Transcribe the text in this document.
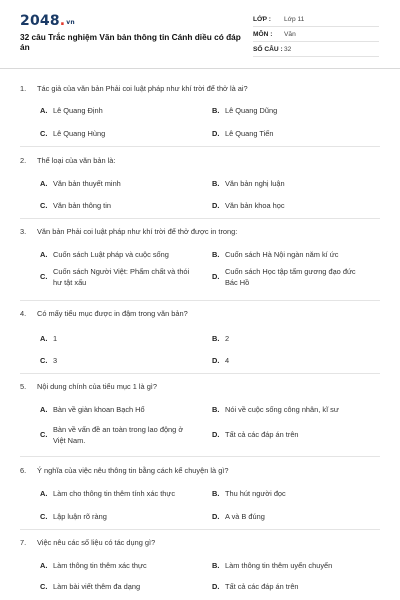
2048.vn
32 câu Trắc nghiệm Văn bản thông tin Cánh diều có đáp án
LỚP : Lớp 11
MÔN : Văn
SỐ CÂU : 32
1. Tác giả của văn bản Phải coi luật pháp như khí trời để thở là ai?
A. Lê Quang Định	B. Lê Quang Dũng
C. Lê Quang Hùng	D. Lê Quang Tiến
2. Thể loại của văn bản là:
A. Văn bản thuyết minh	B. Văn bản nghị luận
C. Văn bản thông tin	D. Văn bản khoa học
3. Văn bản Phải coi luật pháp như khí trời để thở được in trong:
A. Cuốn sách Luật pháp và cuộc sống	B. Cuốn sách Hà Nội ngàn năm kí ức
C.
Cuốn sách Người Việt: Phẩm chất và thói
hư tật xấu
D.
Cuốn sách Học tập tấm gương đạo đức
Bác Hồ
4. Có mấy tiểu mục được in đậm trong văn bản?
A. 1	B. 2
C. 3	D. 4
5. Nội dung chính của tiểu mục 1 là gì?
A. Bàn về giàn khoan Bạch Hổ	B. Nói về cuộc sống công nhân, kĩ sư
C.
Bàn về vấn đề an toàn trong lao động ở
Việt Nam.
D. Tất cả các đáp án trên
6. Ý nghĩa của việc nêu thông tin bằng cách kể chuyện là gì?
A. Làm cho thông tin thêm tính xác thực	B. Thu hút người đọc
C. Lập luận rõ ràng	D. A và B đúng
7. Việc nêu các số liệu có tác dụng gì?
A. Làm thông tin thêm xác thực	B. Làm thông tin thêm uyển chuyển
C. Làm bài viết thêm đa dạng	D. Tất cả các đáp án trên
